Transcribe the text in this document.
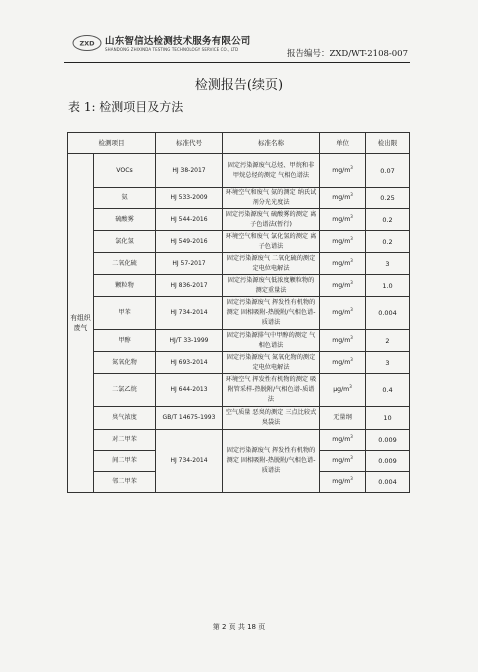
ZXD 山东智信达检测技术服务有限公司
SHANDONG ZHIXINDA TESTING TECHNOLOGY SERVICE CO., LTD	报告编号：ZXD/WT-2108-007
检测报告(续页)
表 1: 检测项目及方法
检测项目		标准代号	标准名称	单位	检出限
有组织
废气	VOCs	HJ 38-2017	固定污染源废气总烃、甲烷和非甲烷总烃的测定 气相色谱法	$mg/m^3$	0.07
	氨	HJ 533-2009	环境空气和废气 氨的测定 纳氏试剂分光光度法	$mg/m^3$	0.25
	硫酸雾	HJ 544-2016	固定污染源废气 硫酸雾的测定 离子色谱法(暂行)	$mg/m^3$	0.2
	氯化氢	HJ 549-2016	环境空气和废气 氯化氢的测定 离子色谱法	$mg/m^3$	0.2
	二氧化硫	HJ 57-2017	固定污染源废气 二氧化硫的测定 定电位电解法	$mg/m^3$	3
	颗粒物	HJ 836-2017	固定污染源废气低浓度颗粒物的测定重量法	$mg/m^3$	1.0
	甲苯	HJ 734-2014	固定污染源废气 挥发性有机物的测定 固相吸附-热脱附/气相色谱-质谱法	$mg/m^3$	0.004
	甲醇	HJ/T 33-1999	固定污染源排气中甲醇的测定 气相色谱法	$mg/m^3$	2
	氮氧化物	HJ 693-2014	固定污染源废气 氮氧化物的测定 定电位电解法	$mg/m^3$	3
	二氯乙烷	HJ 644-2013	环境空气 挥发性有机物的测定 吸附管采样-热脱附/气相色谱-质谱法	$\mu g/m^3$	0.4
	臭气浓度	GB/T 14675-1993	空气质量 恶臭的测定 三点比较式臭袋法	无量纲	10
	对二甲苯	HJ 734-2014	固定污染源废气 挥发性有机物的测定 固相吸附-热脱附/气相色谱-质谱法	$mg/m^3$	0.009
	间二甲苯			$mg/m^3$	0.009
	邻二甲苯			$mg/m^3$	0.004
第 2 页 共 18 页
